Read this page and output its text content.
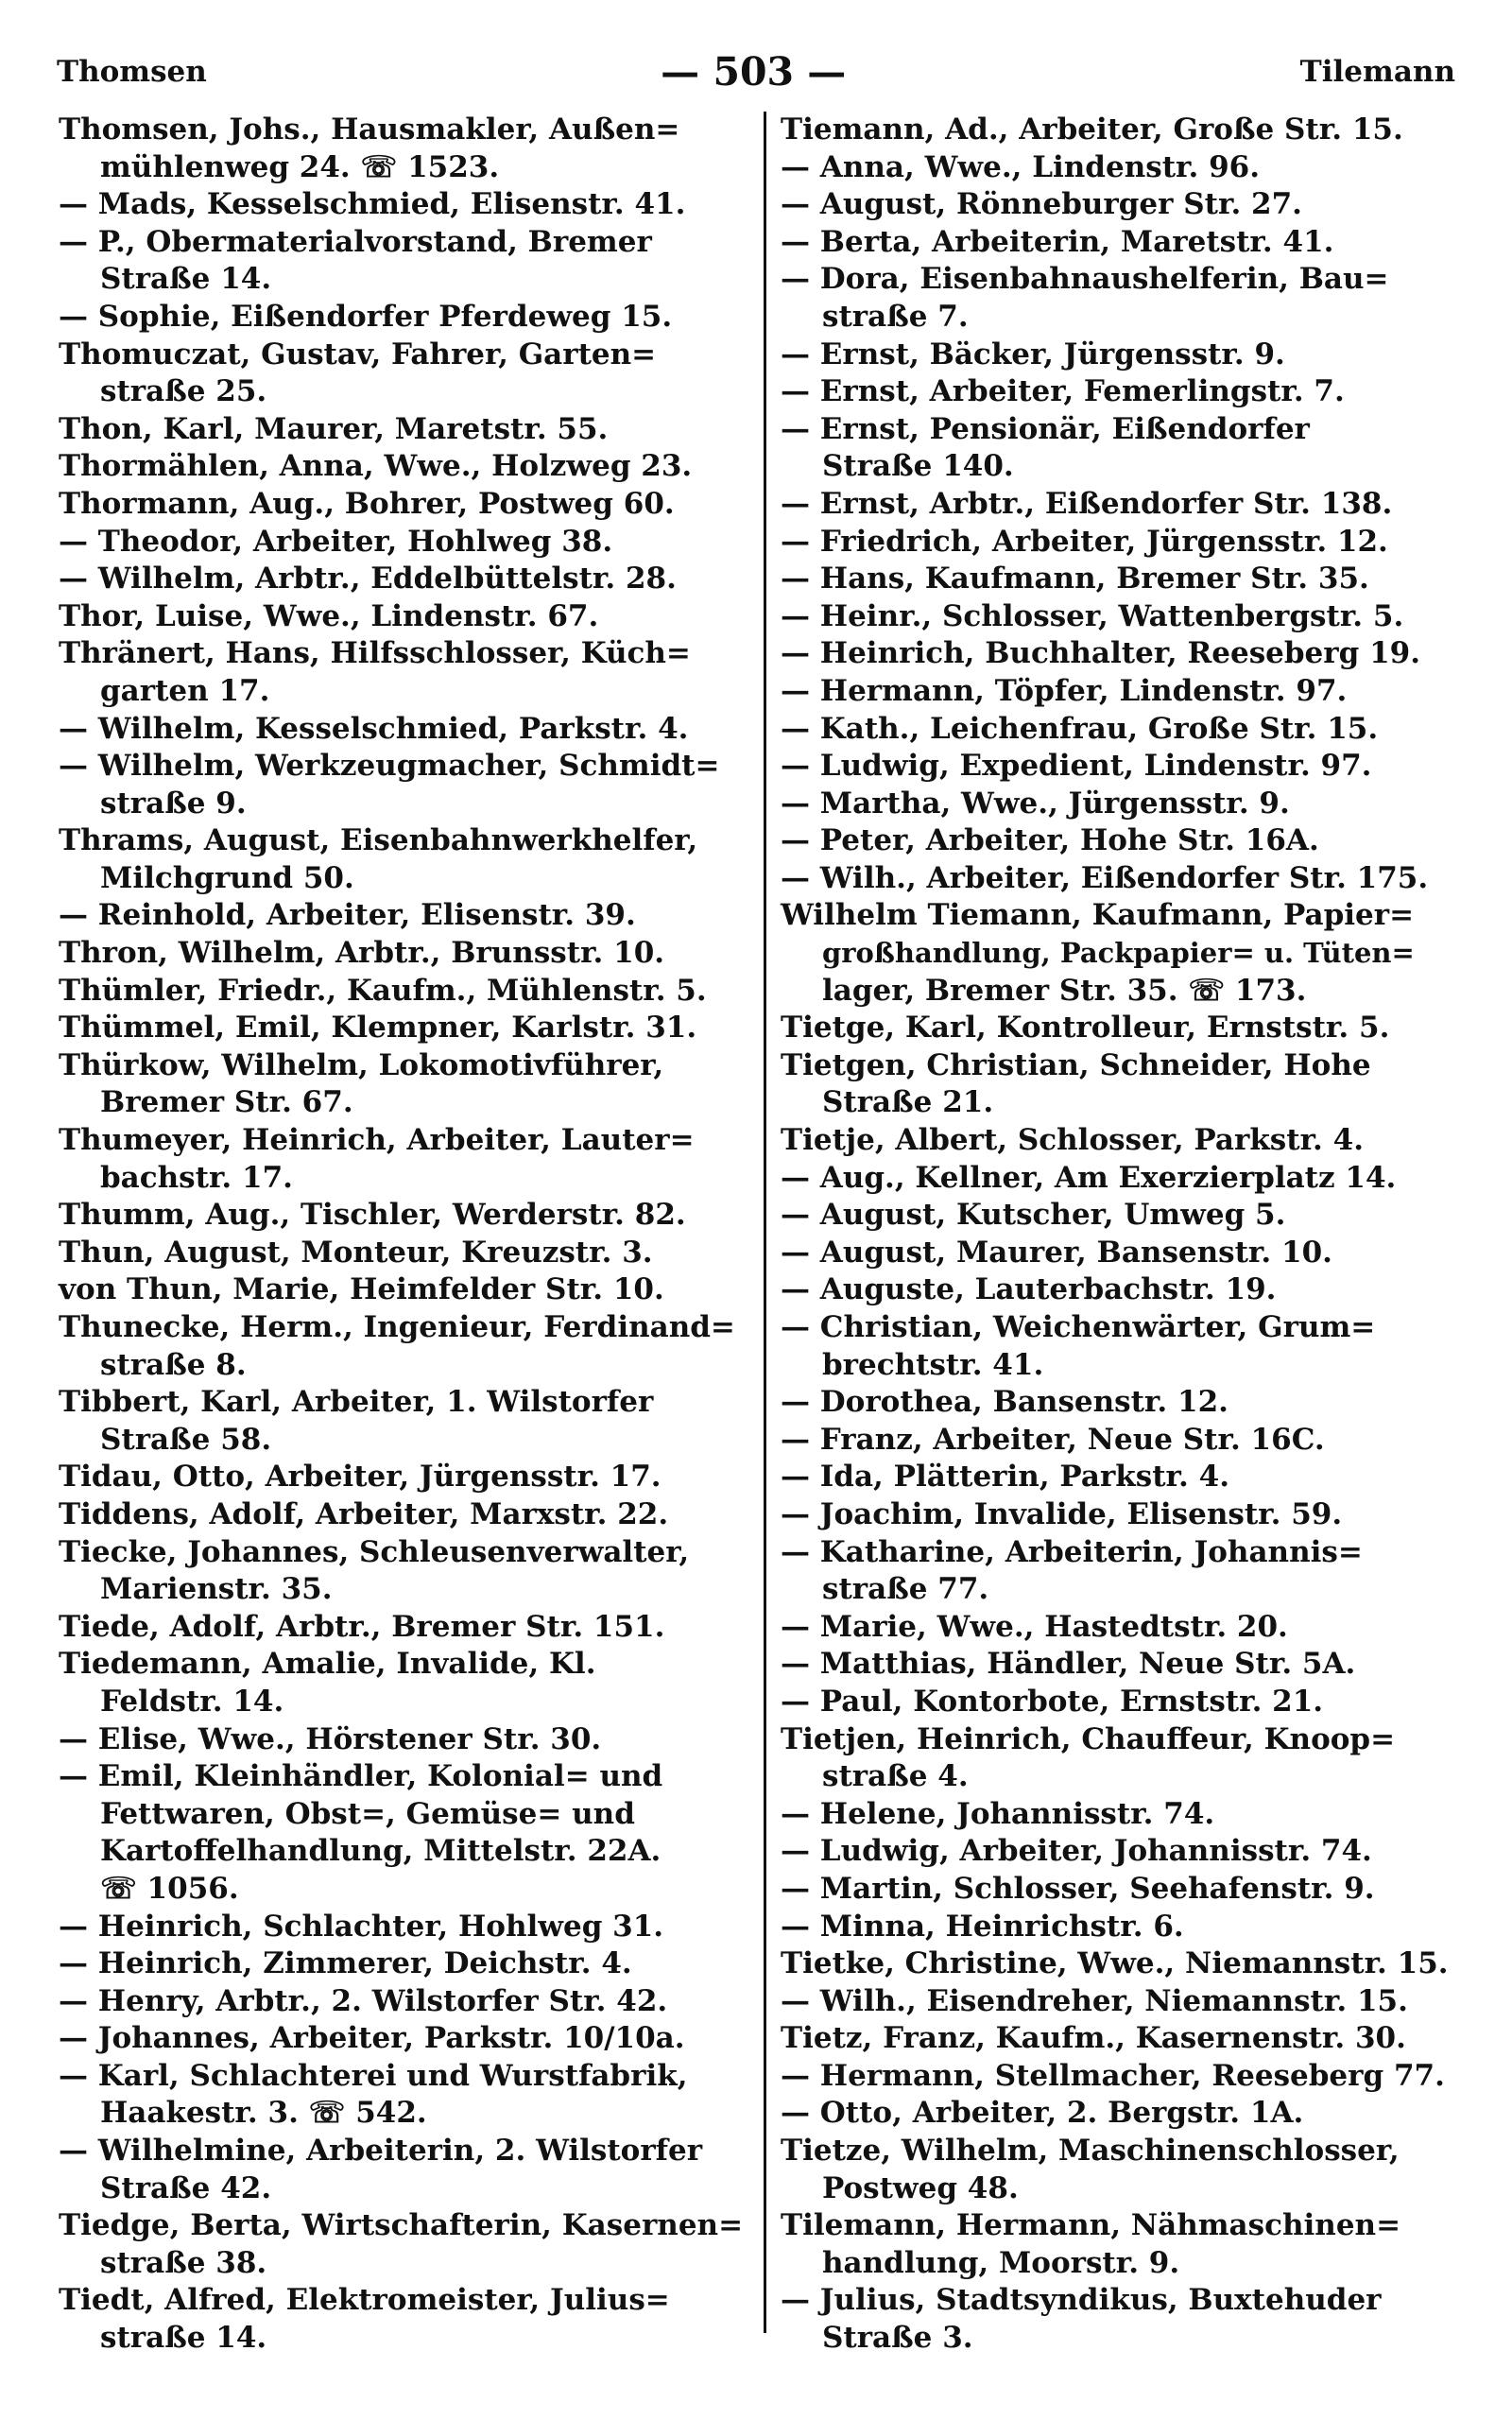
Thomsen	— 503 —	Tilemann
Thomsen, Johs., Hausmakler, Außen=
mühlenweg 24. ☏ 1523.
— Mads, Kesselschmied, Elisenstr. 41.
— P., Obermaterialvorstand, Bremer
Straße 14.
— Sophie, Eißendorfer Pferdeweg 15.
Thomuczat, Gustav, Fahrer, Garten=
straße 25.
Thon, Karl, Maurer, Maretstr. 55.
Thormählen, Anna, Wwe., Holzweg 23.
Thormann, Aug., Bohrer, Postweg 60.
— Theodor, Arbeiter, Hohlweg 38.
— Wilhelm, Arbtr., Eddelbüttelstr. 28.
Thor, Luise, Wwe., Lindenstr. 67.
Thränert, Hans, Hilfsschlosser, Küch=
garten 17.
— Wilhelm, Kesselschmied, Parkstr. 4.
— Wilhelm, Werkzeugmacher, Schmidt=
straße 9.
Thrams, August, Eisenbahnwerkhelfer,
Milchgrund 50.
— Reinhold, Arbeiter, Elisenstr. 39.
Thron, Wilhelm, Arbtr., Brunsstr. 10.
Thümler, Friedr., Kaufm., Mühlenstr. 5.
Thümmel, Emil, Klempner, Karlstr. 31.
Thürkow, Wilhelm, Lokomotivführer,
Bremer Str. 67.
Thumeyer, Heinrich, Arbeiter, Lauter=
bachstr. 17.
Thumm, Aug., Tischler, Werderstr. 82.
Thun, August, Monteur, Kreuzstr. 3.
von Thun, Marie, Heimfelder Str. 10.
Thunecke, Herm., Ingenieur, Ferdinand=
straße 8.
Tibbert, Karl, Arbeiter, 1. Wilstorfer
Straße 58.
Tidau, Otto, Arbeiter, Jürgensstr. 17.
Tiddens, Adolf, Arbeiter, Marxstr. 22.
Tiecke, Johannes, Schleusenverwalter,
Marienstr. 35.
Tiede, Adolf, Arbtr., Bremer Str. 151.
Tiedemann, Amalie, Invalide, Kl.
Feldstr. 14.
— Elise, Wwe., Hörstener Str. 30.
— Emil, Kleinhändler, Kolonial= und
Fettwaren, Obst=, Gemüse= und
Kartoffelhandlung, Mittelstr. 22A.
☏ 1056.
— Heinrich, Schlachter, Hohlweg 31.
— Heinrich, Zimmerer, Deichstr. 4.
— Henry, Arbtr., 2. Wilstorfer Str. 42.
— Johannes, Arbeiter, Parkstr. 10/10a.
— Karl, Schlachterei und Wurstfabrik,
Haakestr. 3. ☏ 542.
— Wilhelmine, Arbeiterin, 2. Wilstorfer
Straße 42.
Tiedge, Berta, Wirtschafterin, Kasernen=
straße 38.
Tiedt, Alfred, Elektromeister, Julius=
straße 14.
Tiemann, Ad., Arbeiter, Große Str. 15.
— Anna, Wwe., Lindenstr. 96.
— August, Rönneburger Str. 27.
— Berta, Arbeiterin, Maretstr. 41.
— Dora, Eisenbahnaushelferin, Bau=
straße 7.
— Ernst, Bäcker, Jürgensstr. 9.
— Ernst, Arbeiter, Femerlingstr. 7.
— Ernst, Pensionär, Eißendorfer
Straße 140.
— Ernst, Arbtr., Eißendorfer Str. 138.
— Friedrich, Arbeiter, Jürgensstr. 12.
— Hans, Kaufmann, Bremer Str. 35.
— Heinr., Schlosser, Wattenbergstr. 5.
— Heinrich, Buchhalter, Reeseberg 19.
— Hermann, Töpfer, Lindenstr. 97.
— Kath., Leichenfrau, Große Str. 15.
— Ludwig, Expedient, Lindenstr. 97.
— Martha, Wwe., Jürgensstr. 9.
— Peter, Arbeiter, Hohe Str. 16A.
— Wilh., Arbeiter, Eißendorfer Str. 175.
Wilhelm Tiemann, Kaufmann, Papier=
großhandlung, Packpapier= u. Tüten=
lager, Bremer Str. 35. ☏ 173.
Tietge, Karl, Kontrolleur, Ernststr. 5.
Tietgen, Christian, Schneider, Hohe
Straße 21.
Tietje, Albert, Schlosser, Parkstr. 4.
— Aug., Kellner, Am Exerzierplatz 14.
— August, Kutscher, Umweg 5.
— August, Maurer, Bansenstr. 10.
— Auguste, Lauterbachstr. 19.
— Christian, Weichenwärter, Grum=
brechtstr. 41.
— Dorothea, Bansenstr. 12.
— Franz, Arbeiter, Neue Str. 16C.
— Ida, Plätterin, Parkstr. 4.
— Joachim, Invalide, Elisenstr. 59.
— Katharine, Arbeiterin, Johannis=
straße 77.
— Marie, Wwe., Hastedtstr. 20.
— Matthias, Händler, Neue Str. 5A.
— Paul, Kontorbote, Ernststr. 21.
Tietjen, Heinrich, Chauffeur, Knoop=
straße 4.
— Helene, Johannisstr. 74.
— Ludwig, Arbeiter, Johannisstr. 74.
— Martin, Schlosser, Seehafenstr. 9.
— Minna, Heinrichstr. 6.
Tietke, Christine, Wwe., Niemannstr. 15.
— Wilh., Eisendreher, Niemannstr. 15.
Tietz, Franz, Kaufm., Kasernenstr. 30.
— Hermann, Stellmacher, Reeseberg 77.
— Otto, Arbeiter, 2. Bergstr. 1A.
Tietze, Wilhelm, Maschinenschlosser,
Postweg 48.
Tilemann, Hermann, Nähmaschinen=
handlung, Moorstr. 9.
— Julius, Stadtsyndikus, Buxtehuder
Straße 3.
